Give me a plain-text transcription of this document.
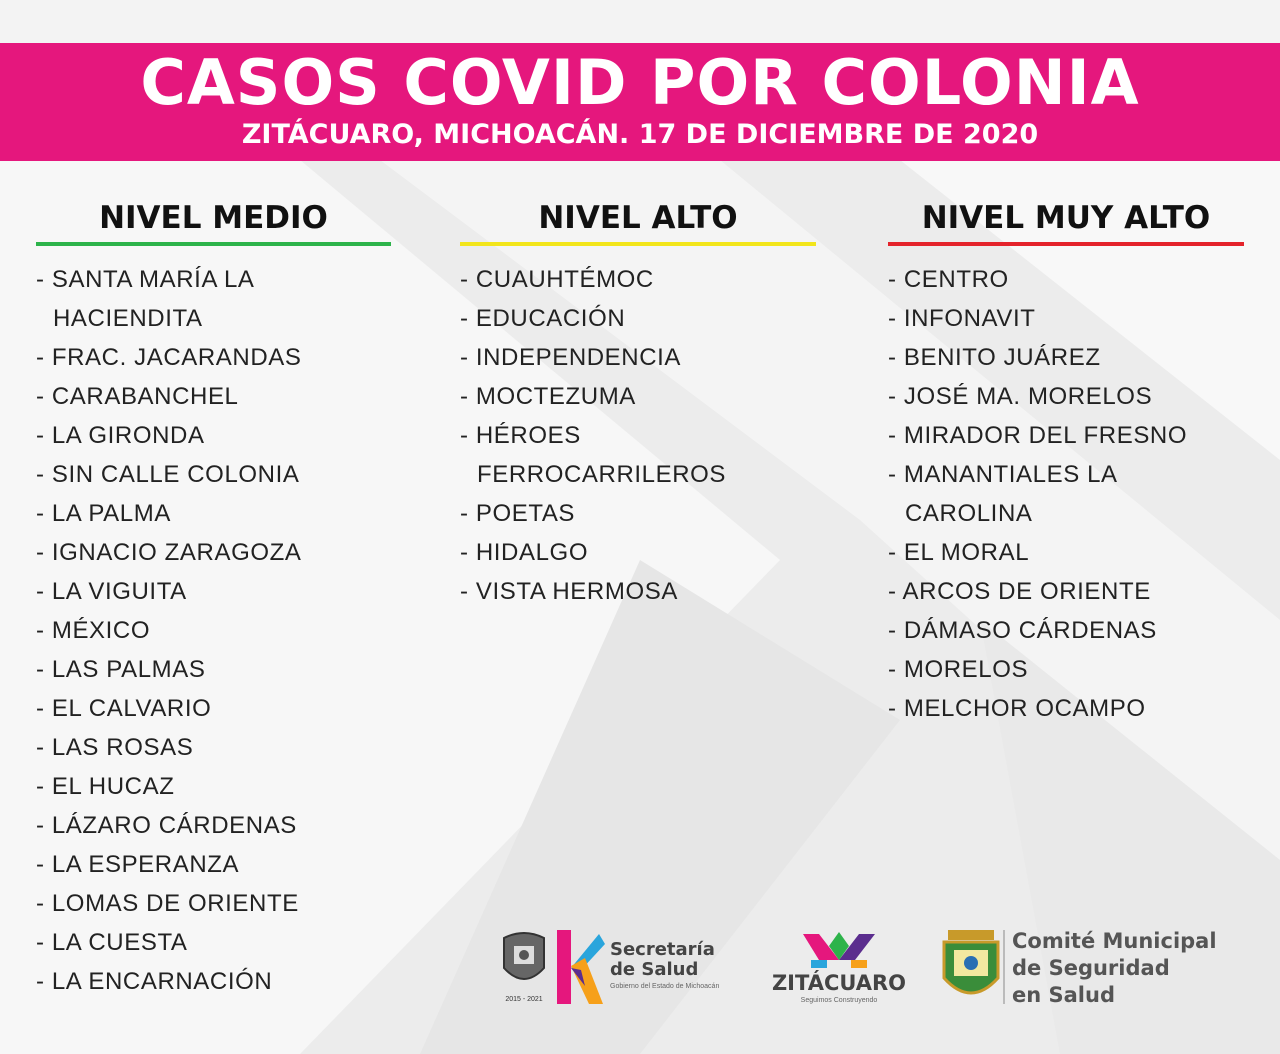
CASOS COVID POR COLONIA
ZITÁCUARO, MICHOACÁN. 17 DE DICIEMBRE DE 2020
NIVEL MEDIO
- SANTA MARÍA LA HACIENDITA
- FRAC. JACARANDAS
- CARABANCHEL
- LA GIRONDA
- SIN CALLE COLONIA
- LA PALMA
- IGNACIO ZARAGOZA
- LA VIGUITA
- MÉXICO
- LAS PALMAS
- EL CALVARIO
- LAS ROSAS
- EL HUCAZ
- LÁZARO CÁRDENAS
- LA ESPERANZA
- LOMAS DE ORIENTE
- LA CUESTA
- LA ENCARNACIÓN
NIVEL ALTO
- CUAUHTÉMOC
- EDUCACIÓN
- INDEPENDENCIA
- MOCTEZUMA
- HÉROES FERROCARRILEROS
- POETAS
- HIDALGO
- VISTA HERMOSA
NIVEL MUY ALTO
- CENTRO
- INFONAVIT
- BENITO JUÁREZ
- JOSÉ MA. MORELOS
- MIRADOR DEL FRESNO
- MANANTIALES LA CAROLINA
- EL MORAL
- ARCOS DE ORIENTE
- DÁMASO CÁRDENAS
- MORELOS
- MELCHOR OCAMPO
2015 - 2021
Secretaría
de Salud
Gobierno del Estado de Michoacán	ZITÁCUARO
Seguimos Construyendo
Comité Municipal
de Seguridad
en Salud
